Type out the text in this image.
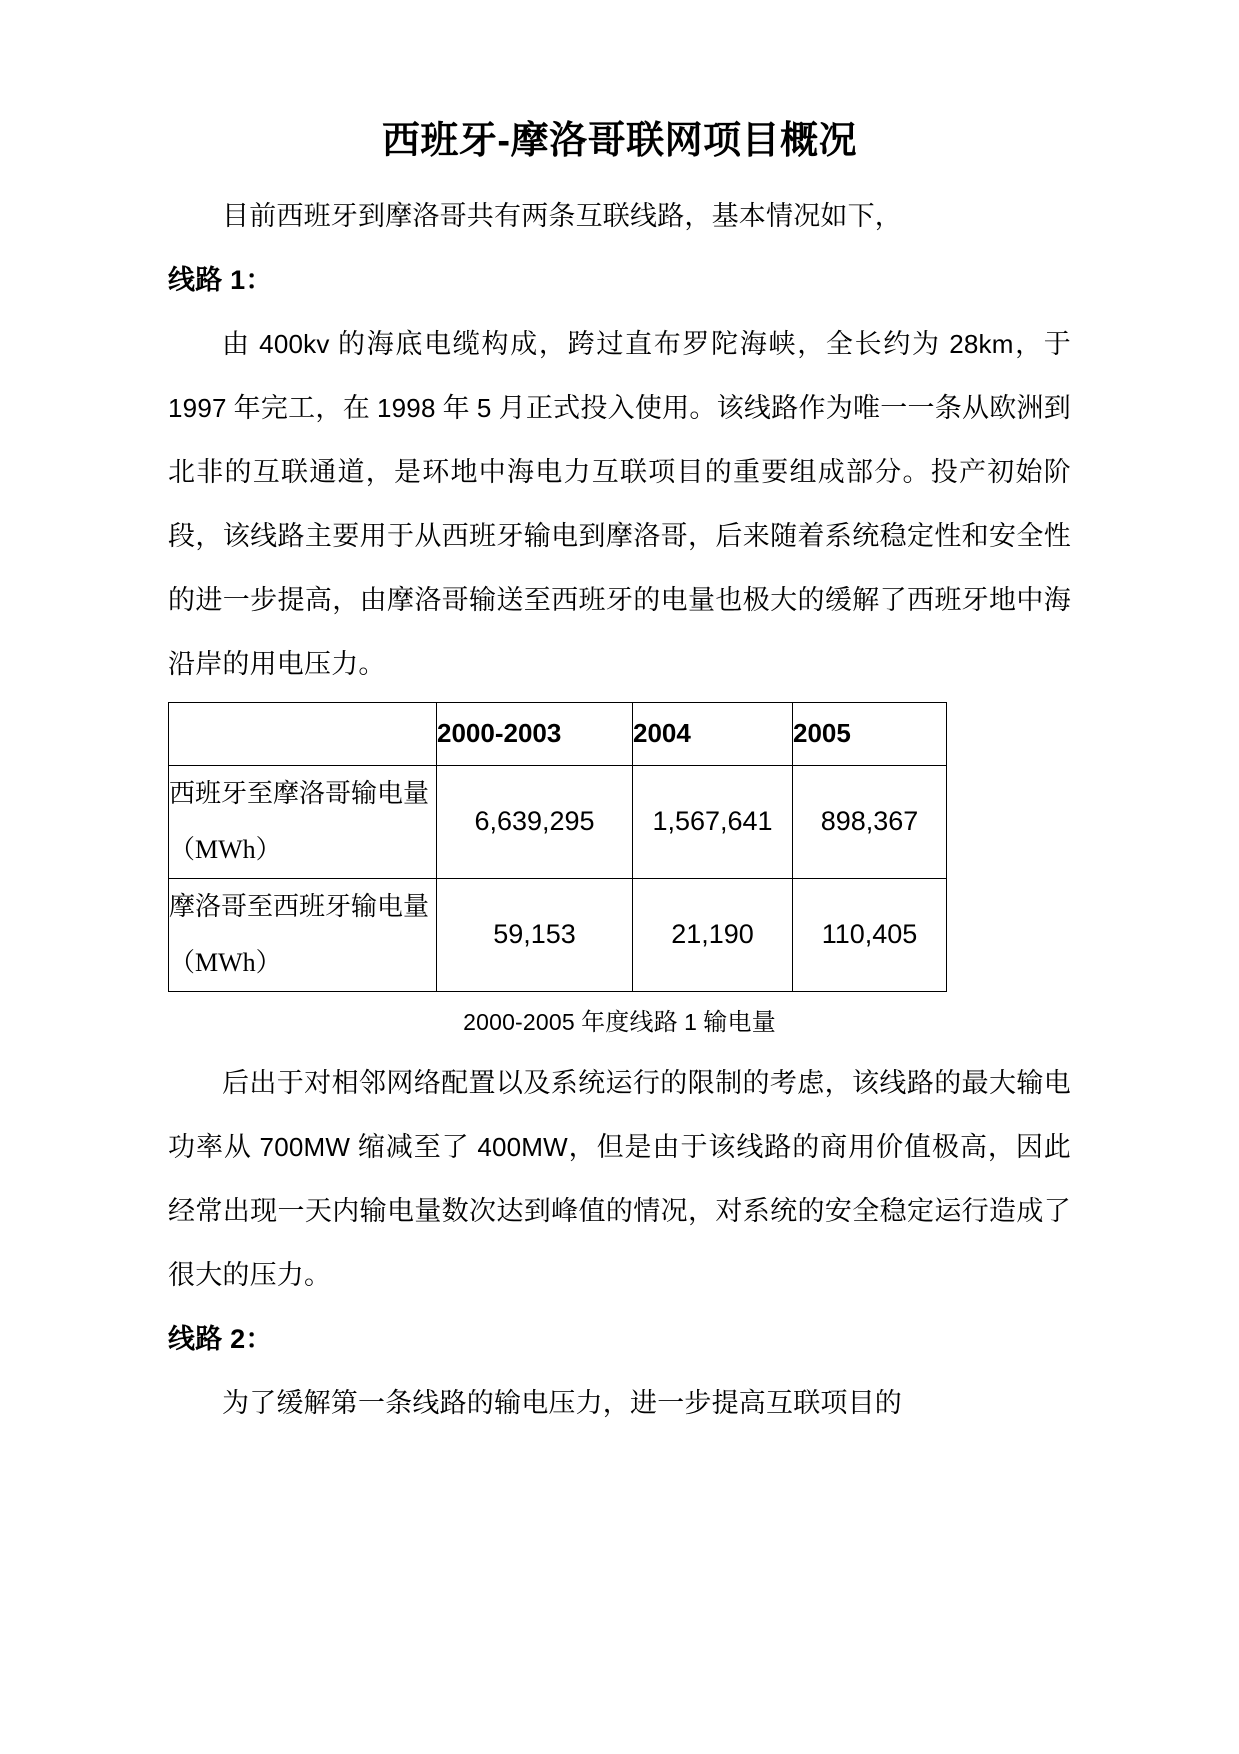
西班牙-摩洛哥联网项目概况

目前西班牙到摩洛哥共有两条互联线路，基本情况如下，

线路 1：

由 400kv 的海底电缆构成，跨过直布罗陀海峡，全长约为 28km，于 1997 年完工，在 1998 年 5 月正式投入使用。该线路作为唯一一条从欧洲到北非的互联通道，是环地中海电力互联项目的重要组成部分。投产初始阶段，该线路主要用于从西班牙输电到摩洛哥，后来随着系统稳定性和安全性的进一步提高，由摩洛哥输送至西班牙的电量也极大的缓解了西班牙地中海沿岸的用电压力。

	2000-2003	2004	2005
西班牙至摩洛哥输电量（MWh）	6,639,295	1,567,641	898,367
摩洛哥至西班牙输电量（MWh）	59,153	21,190	110,405

2000-2005 年度线路 1 输电量

后出于对相邻网络配置以及系统运行的限制的考虑，该线路的最大输电功率从 700MW 缩减至了 400MW，但是由于该线路的商用价值极高，因此经常出现一天内输电量数次达到峰值的情况，对系统的安全稳定运行造成了很大的压力。

线路 2：

为了缓解第一条线路的输电压力，进一步提高互联项目的
